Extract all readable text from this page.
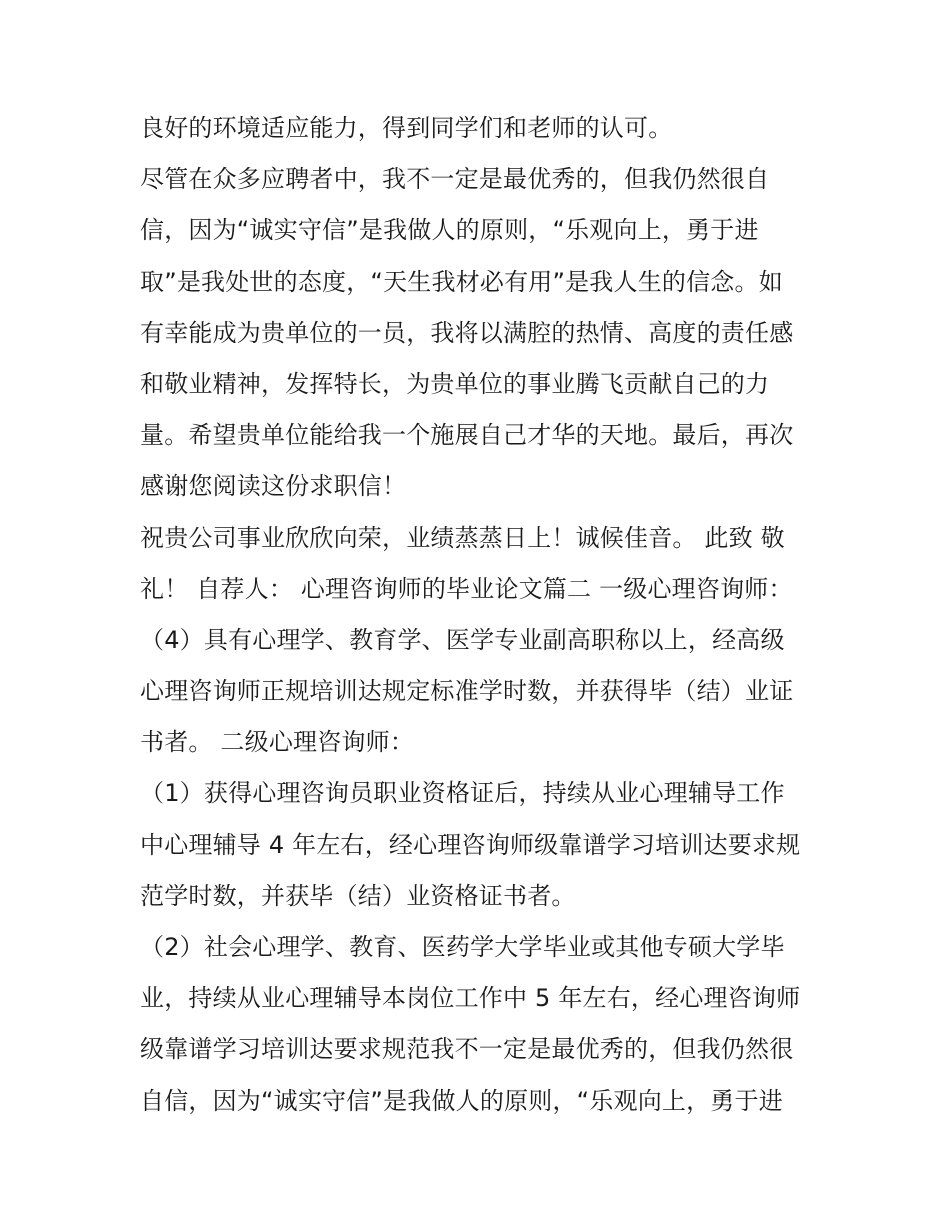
良好的环境适应能力，得到同学们和老师的认可。
尽管在众多应聘者中，我不一定是最优秀的，但我仍然很自
信，因为“诚实守信”是我做人的原则，“乐观向上，勇于进
取”是我处世的态度，“天生我材必有用”是我人生的信念。如
有幸能成为贵单位的一员，我将以满腔的热情、高度的责任感
和敬业精神，发挥特长，为贵单位的事业腾飞贡献自己的力
量。希望贵单位能给我一个施展自己才华的天地。最后，再次
感谢您阅读这份求职信！
祝贵公司事业欣欣向荣，业绩蒸蒸日上！诚候佳音。 此致 敬
礼！ 自荐人： 心理咨询师的毕业论文篇二 一级心理咨询师：
（4）具有心理学、教育学、医学专业副高职称以上，经高级
心理咨询师正规培训达规定标准学时数，并获得毕（结）业证
书者。 二级心理咨询师：
（1）获得心理咨询员职业资格证后，持续从业心理辅导工作
中心理辅导 4 年左右，经心理咨询师级靠谱学习培训达要求规
范学时数，并获毕（结）业资格证书者。
（2）社会心理学、教育、医药学大学毕业或其他专硕大学毕
业，持续从业心理辅导本岗位工作中 5 年左右，经心理咨询师
级靠谱学习培训达要求规范我不一定是最优秀的，但我仍然很
自信，因为“诚实守信”是我做人的原则，“乐观向上，勇于进
